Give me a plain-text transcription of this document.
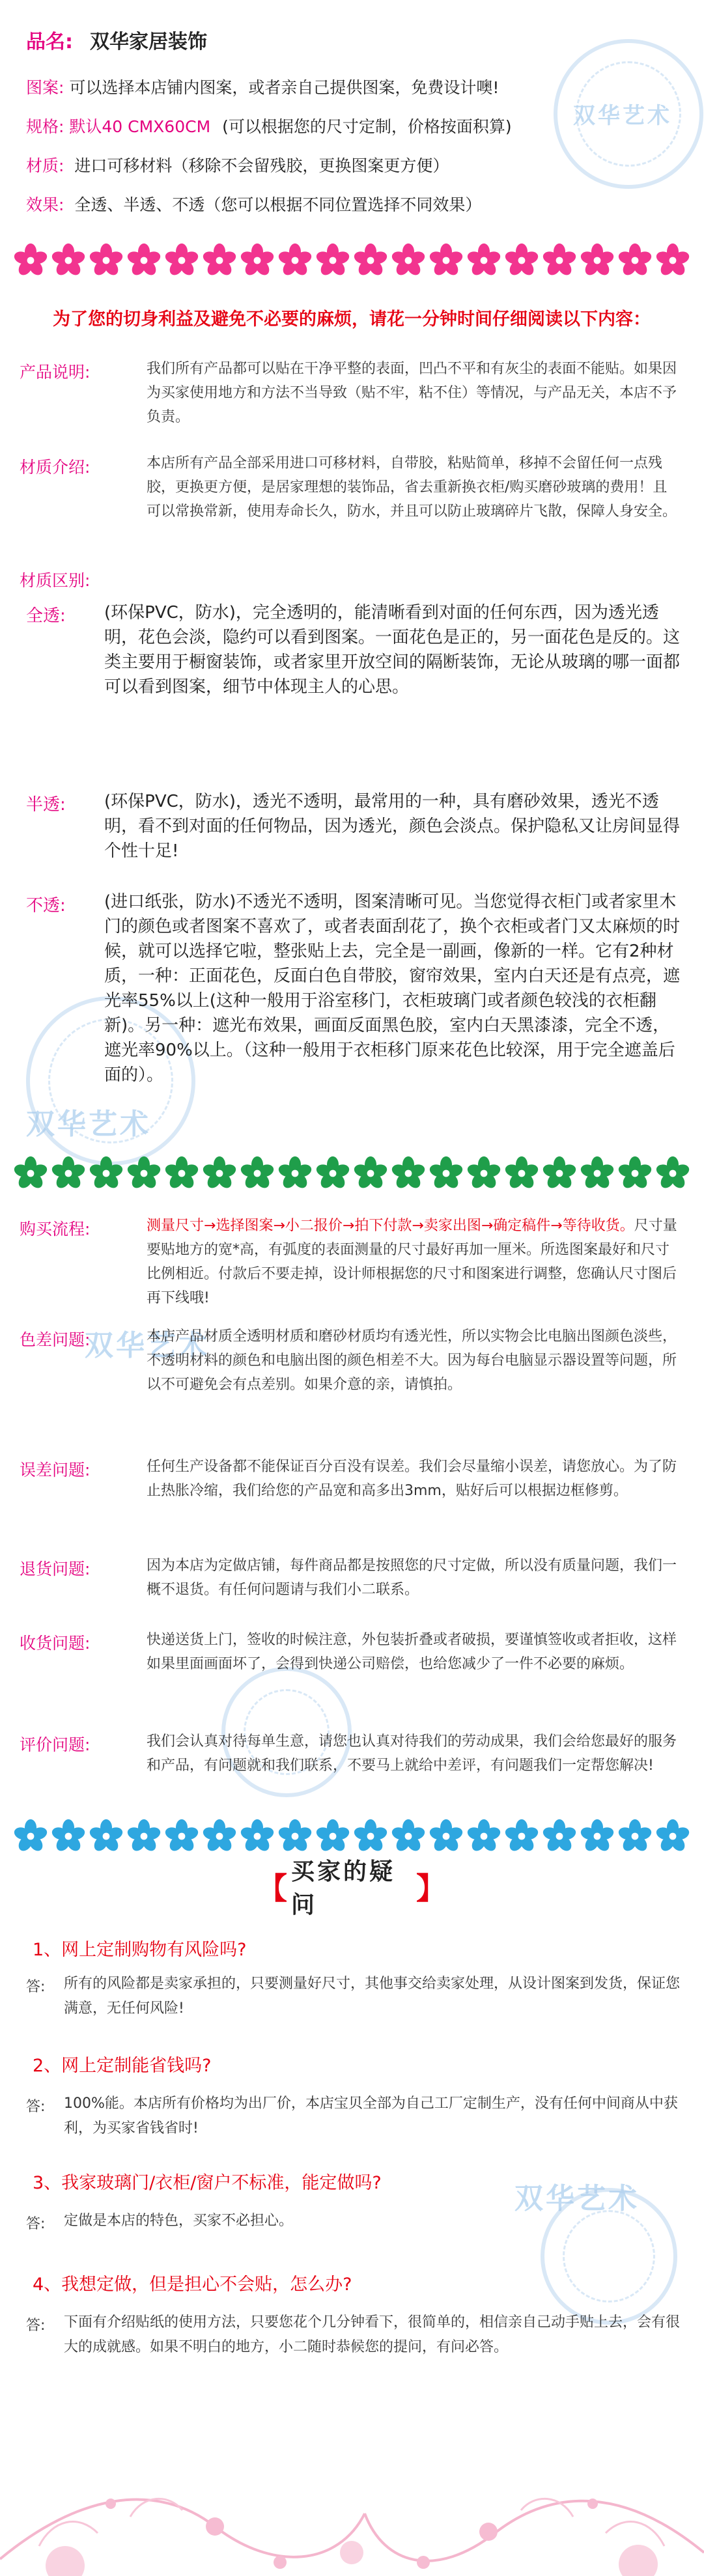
双华艺术
双华艺术
双华艺术
双华艺术
品名: 双华家居装饰
图案: 可以选择本店铺内图案，或者亲自己提供图案，免费设计噢!
规格: 默认40 CMX60CM (可以根据您的尺寸定制，价格按面积算)
材质: 进口可移材料（移除不会留残胶，更换图案更方便）
效果: 全透、半透、不透（您可以根据不同位置选择不同效果）
为了您的切身利益及避免不必要的麻烦，请花一分钟时间仔细阅读以下内容：
产品说明:	我们所有产品都可以贴在干净平整的表面，凹凸不平和有灰尘的表面不能贴。如果因为买家使用地方和方法不当导致（贴不牢，粘不住）等情况，与产品无关，本店不予负责。
材质介绍:	本店所有产品全部采用进口可移材料，自带胶，粘贴简单，移掉不会留任何一点残胶，更换更方便，是居家理想的装饰品，省去重新换衣柜/购买磨砂玻璃的费用！且可以常换常新，使用寿命长久，防水，并且可以防止玻璃碎片飞散，保障人身安全。
材质区别:
全透: (环保PVC，防水)，完全透明的，能清晰看到对面的任何东西，因为透光透明，花色会淡，隐约可以看到图案。一面花色是正的，另一面花色是反的。这类主要用于橱窗装饰，或者家里开放空间的隔断装饰，无论从玻璃的哪一面都可以看到图案，细节中体现主人的心思。
半透: (环保PVC，防水)，透光不透明，最常用的一种，具有磨砂效果，透光不透明，看不到对面的任何物品，因为透光，颜色会淡点。保护隐私又让房间显得个性十足!
不透: (进口纸张，防水)不透光不透明，图案清晰可见。当您觉得衣柜门或者家里木门的颜色或者图案不喜欢了，或者表面刮花了，换个衣柜或者门又太麻烦的时候，就可以选择它啦，整张贴上去，完全是一副画，像新的一样。它有2种材质，一种：正面花色，反面白色自带胶，窗帘效果，室内白天还是有点亮，遮光率55%以上(这种一般用于浴室移门，衣柜玻璃门或者颜色较浅的衣柜翻新)。另一种：遮光布效果，画面反面黑色胶，室内白天黑漆漆，完全不透，遮光率90%以上。（这种一般用于衣柜移门原来花色比较深，用于完全遮盖后面的）。
购买流程:	测量尺寸→选择图案→小二报价→拍下付款→卖家出图→确定稿件→等待收货。尺寸量要贴地方的宽*高，有弧度的表面测量的尺寸最好再加一厘米。所选图案最好和尺寸比例相近。付款后不要走掉，设计师根据您的尺寸和图案进行调整，您确认尺寸图后再下线哦!
色差问题:	本店产品材质全透明材质和磨砂材质均有透光性，所以实物会比电脑出图颜色淡些，不透明材料的颜色和电脑出图的颜色相差不大。因为每台电脑显示器设置等问题，所以不可避免会有点差别。如果介意的亲，请慎拍。
误差问题:	任何生产设备都不能保证百分百没有误差。我们会尽量缩小误差，请您放心。为了防止热胀冷缩，我们给您的产品宽和高多出3mm，贴好后可以根据边框修剪。
退货问题:	因为本店为定做店铺，每件商品都是按照您的尺寸定做，所以没有质量问题，我们一概不退货。有任何问题请与我们小二联系。
收货问题:	快递送货上门，签收的时候注意，外包装折叠或者破损，要谨慎签收或者拒收，这样如果里面画面坏了，会得到快递公司赔偿，也给您减少了一件不必要的麻烦。
评价问题:	我们会认真对待每单生意，请您也认真对待我们的劳动成果，我们会给您最好的服务和产品，有问题就和我们联系，不要马上就给中差评，有问题我们一定帮您解决!
【 买家的疑问	】
1、网上定制购物有风险吗?
答: 所有的风险都是卖家承担的，只要测量好尺寸，其他事交给卖家处理，从设计图案到发货，保证您满意，无任何风险!
2、网上定制能省钱吗?
答: 100%能。本店所有价格均为出厂价，本店宝贝全部为自己工厂定制生产，没有任何中间商从中获利，为买家省钱省时!
3、我家玻璃门/衣柜/窗户不标准，能定做吗?
答: 定做是本店的特色，买家不必担心。
4、我想定做，但是担心不会贴，怎么办?
答: 下面有介绍贴纸的使用方法，只要您花个几分钟看下，很简单的，相信亲自己动手贴上去，会有很大的成就感。如果不明白的地方，小二随时恭候您的提问，有问必答。
